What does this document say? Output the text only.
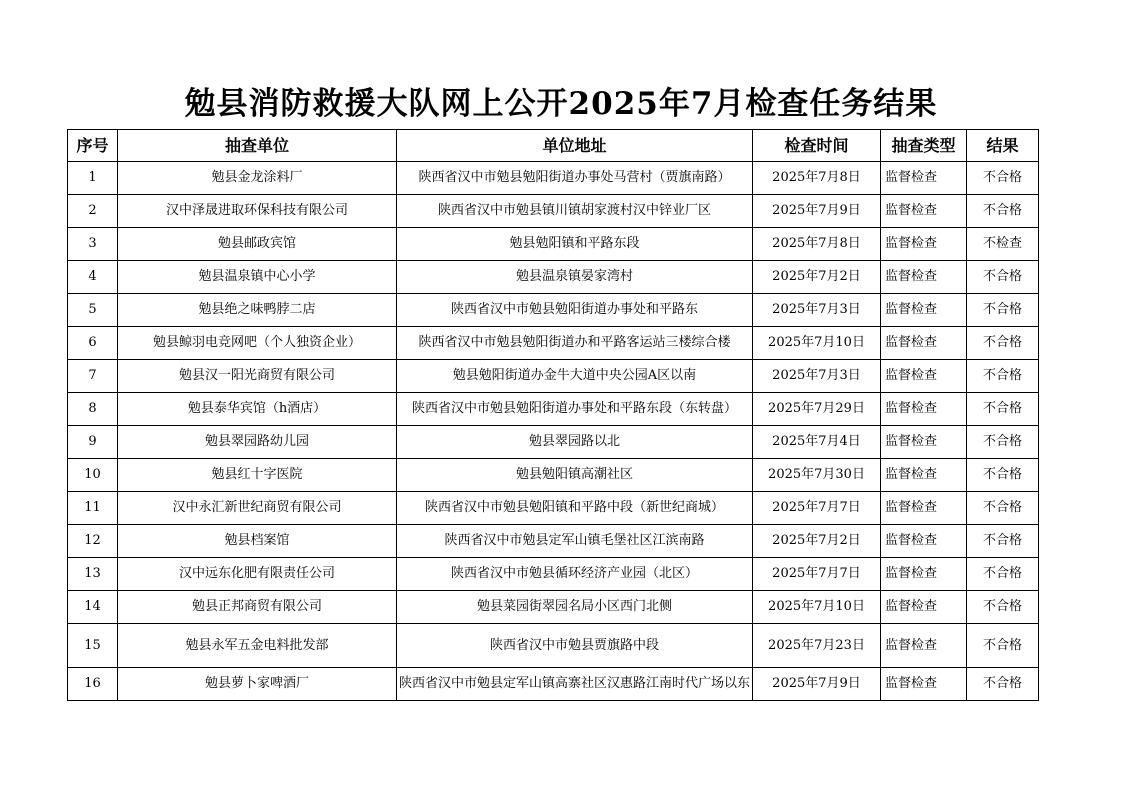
勉县消防救援大队网上公开2025年7月检查任务结果
序号	抽查单位	单位地址	检查时间	抽查类型	结果
1	勉县金龙涂料厂	陕西省汉中市勉县勉阳街道办事处马营村（贾旗南路）	2025年7月8日	监督检查	不合格
2	汉中泽晟进取环保科技有限公司	陕西省汉中市勉县镇川镇胡家渡村汉中锌业厂区	2025年7月9日	监督检查	不合格
3	勉县邮政宾馆	勉县勉阳镇和平路东段	2025年7月8日	监督检查	不检查
4	勉县温泉镇中心小学	勉县温泉镇晏家湾村	2025年7月2日	监督检查	不合格
5	勉县绝之味鸭脖二店	陕西省汉中市勉县勉阳街道办事处和平路东	2025年7月3日	监督检查	不合格
6	勉县鲸羽电竞网吧（个人独资企业）	陕西省汉中市勉县勉阳街道办和平路客运站三楼综合楼	2025年7月10日	监督检查	不合格
7	勉县汉一阳光商贸有限公司	勉县勉阳街道办金牛大道中央公园A区以南	2025年7月3日	监督检查	不合格
8	勉县泰华宾馆（h酒店）	陕西省汉中市勉县勉阳街道办事处和平路东段（东转盘）	2025年7月29日	监督检查	不合格
9	勉县翠园路幼儿园	勉县翠园路以北	2025年7月4日	监督检查	不合格
10	勉县红十字医院	勉县勉阳镇高潮社区	2025年7月30日	监督检查	不合格
11	汉中永汇新世纪商贸有限公司	陕西省汉中市勉县勉阳镇和平路中段（新世纪商城）	2025年7月7日	监督检查	不合格
12	勉县档案馆	陕西省汉中市勉县定军山镇毛堡社区江滨南路	2025年7月2日	监督检查	不合格
13	汉中远东化肥有限责任公司	陕西省汉中市勉县循环经济产业园（北区）	2025年7月7日	监督检查	不合格
14	勉县正邦商贸有限公司	勉县菜园街翠园名局小区西门北侧	2025年7月10日	监督检查	不合格
15	勉县永军五金电料批发部	陕西省汉中市勉县贾旗路中段	2025年7月23日	监督检查	不合格
16	勉县萝卜家啤酒厂	陕西省汉中市勉县定军山镇高寨社区汉惠路江南时代广场以东	2025年7月9日	监督检查	不合格
